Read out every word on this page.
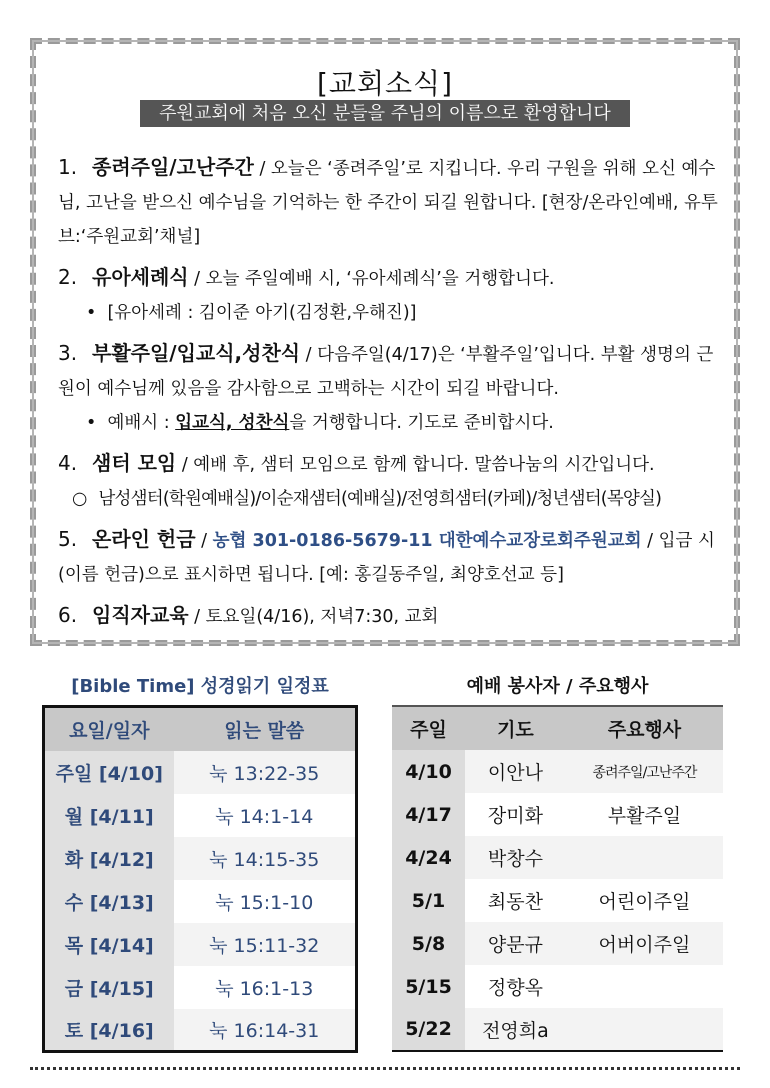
[교회소식]
주원교회에 처음 오신 분들을 주님의 이름으로 환영합니다
1. 종려주일/고난주간 / 오늘은 ‘종려주일’로 지킵니다. 우리 구원을 위해 오신 예수님, 고난을 받으신 예수님을 기억하는 한 주간이 되길 원합니다. [현장/온라인예배, 유투브:‘주원교회’채널]
2. 유아세례식 / 오늘 주일예배 시, ‘유아세례식’을 거행합니다.
•  [유아세례 : 김이준 아기(김정환,우해진)]
3. 부활주일/입교식,성찬식 / 다음주일(4/17)은 ‘부활주일’입니다. 부활 생명의 근원이 예수님께 있음을 감사함으로 고백하는 시간이 되길 바랍니다.
•  예배시 : 입교식, 성찬식을 거행합니다. 기도로 준비합시다.
4. 샘터 모임 / 예배 후, 샘터 모임으로 함께 합니다. 말씀나눔의 시간입니다.
○  남성샘터(학원예배실)/이순재샘터(예배실)/전영희샘터(카페)/청년샘터(목양실)
5. 온라인 헌금 / 농협 301-0186-5679-11 대한예수교장로회주원교회 / 입금 시 (이름 헌금)으로 표시하면 됩니다. [예: 홍길동주일, 최양호선교 등]
6. 임직자교육 / 토요일(4/16), 저녁7:30, 교회
[Bible Time] 성경읽기 일정표
요일/일자	읽는 말씀
주일 [4/10]	눅 13:22-35
월 [4/11]	눅 14:1-14
화 [4/12]	눅 14:15-35
수 [4/13]	눅 15:1-10
목 [4/14]	눅 15:11-32
금 [4/15]	눅 16:1-13
토 [4/16]	눅 16:14-31
예배 봉사자 / 주요행사
주일	기도	주요행사
4/10	이안나	종려주일/고난주간
4/17	장미화	부활주일
4/24	박창수	
5/1	최동찬	어린이주일
5/8	양문규	어버이주일
5/15	정향옥	
5/22	전영희a	
